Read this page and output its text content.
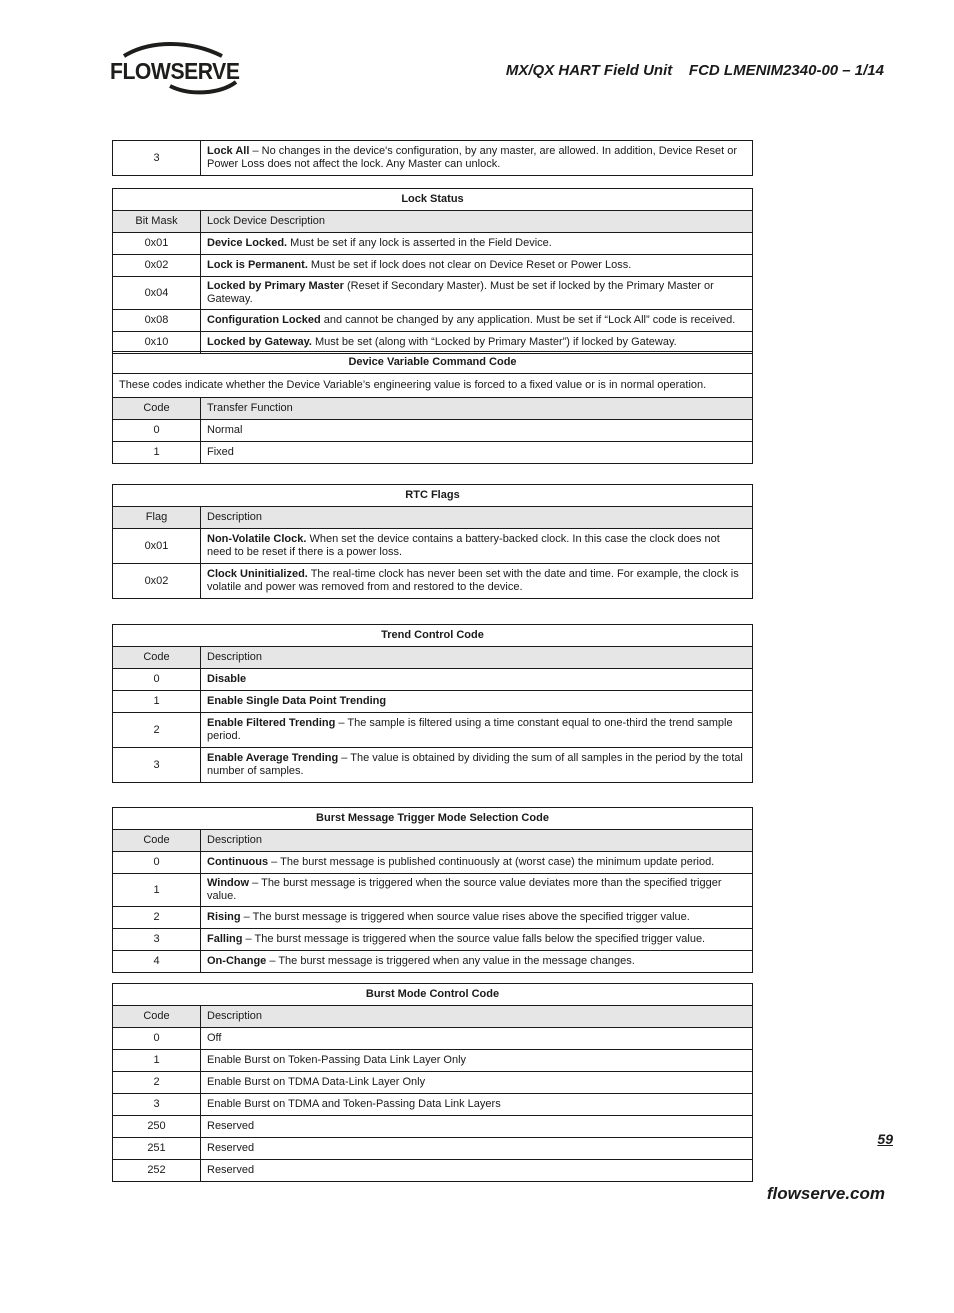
FLOWSERVE	MX/QX HART Field Unit    FCD LMENIM2340-00 – 1/14
3	Lock All – No changes in the device's configuration, by any master, are allowed. In addition, Device Reset or Power Loss does not affect the lock. Any Master can unlock.
Lock Status	
Bit Mask	Lock Device Description
0x01	Device Locked. Must be set if any lock is asserted in the Field Device.
0x02	Lock is Permanent. Must be set if lock does not clear on Device Reset or Power Loss.
0x04	Locked by Primary Master (Reset if Secondary Master). Must be set if locked by the Primary Master or Gateway.
0x08	Configuration Locked and cannot be changed by any application. Must be set if “Lock All” code is received.
0x10	Locked by Gateway. Must be set (along with “Locked by Primary Master”) if locked by Gateway.
Device Variable Command Code	
These codes indicate whether the Device Variable’s engineering value is forced to a fixed value or is in normal operation.	
Code	Transfer Function
0	Normal
1	Fixed
RTC Flags	
Flag	Description
0x01	Non-Volatile Clock. When set the device contains a battery-backed clock. In this case the clock does not need to be reset if there is a power loss.
0x02	Clock Uninitialized. The real-time clock has never been set with the date and time. For example, the clock is volatile and power was removed from and restored to the device.
Trend Control Code	
Code	Description
0	Disable
1	Enable Single Data Point Trending
2	Enable Filtered Trending – The sample is filtered using a time constant equal to one-third the trend sample period.
3	Enable Average Trending – The value is obtained by dividing the sum of all samples in the period by the total number of samples.
Burst Message Trigger Mode Selection Code	
Code	Description
0	Continuous – The burst message is published continuously at (worst case) the minimum update period.
1	Window – The burst message is triggered when the source value deviates more than the specified trigger value.
2	Rising – The burst message is triggered when source value rises above the specified trigger value.
3	Falling – The burst message is triggered when the source value falls below the specified trigger value.
4	On-Change – The burst message is triggered when any value in the message changes.
Burst Mode Control Code	
Code	Description
0	Off
1	Enable Burst on Token-Passing Data Link Layer Only
2	Enable Burst on TDMA Data-Link Layer Only
3	Enable Burst on TDMA and Token-Passing Data Link Layers
250	Reserved
251	Reserved
252	Reserved
59
flowserve.com
